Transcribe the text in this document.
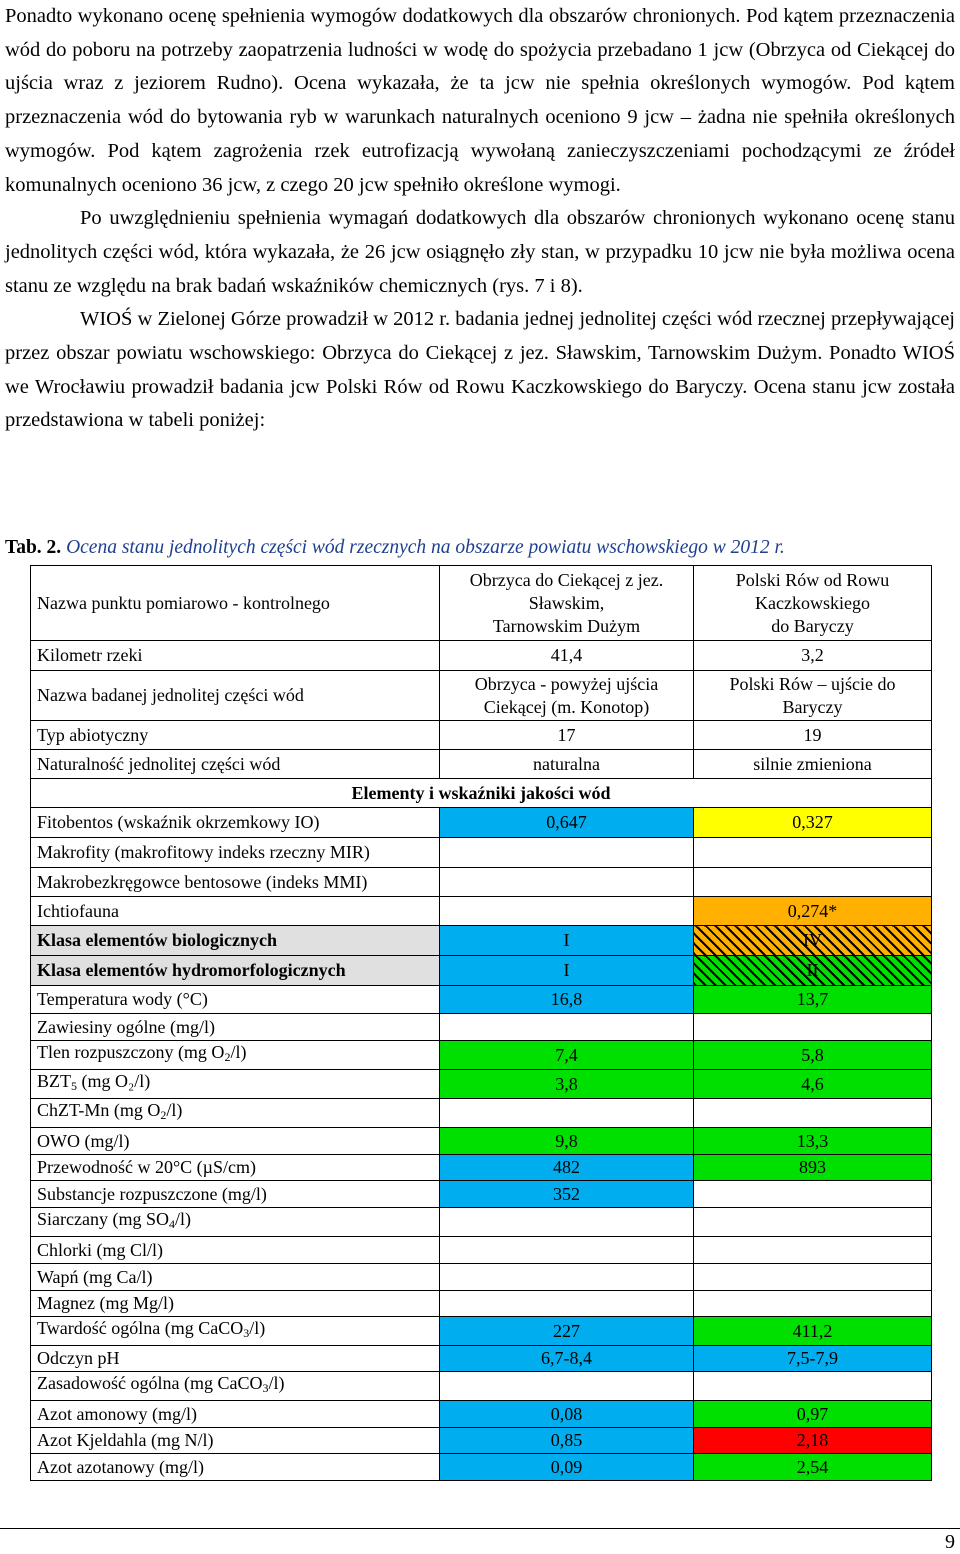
Ponadto wykonano ocenę spełnienia wymogów dodatkowych dla obszarów chronionych. Pod kątem przeznaczenia wód do poboru na potrzeby zaopatrzenia ludności w wodę do spożycia przebadano 1 jcw (Obrzyca od Ciekącej do ujścia wraz z jeziorem Rudno). Ocena wykazała, że ta jcw nie spełnia określonych wymogów. Pod kątem przeznaczenia wód do bytowania ryb w warunkach naturalnych oceniono 9 jcw – żadna nie spełniła określonych wymogów. Pod kątem zagrożenia rzek eutrofizacją wywołaną zanieczyszczeniami pochodzącymi ze źródeł komunalnych oceniono 36 jcw, z czego 20 jcw spełniło określone wymogi.

Po uwzględnieniu spełnienia wymagań dodatkowych dla obszarów chronionych wykonano ocenę stanu jednolitych części wód, która wykazała, że 26 jcw osiągnęło zły stan, w przypadku 10 jcw nie była możliwa ocena stanu ze względu na brak badań wskaźników chemicznych (rys. 7 i 8).

WIOŚ w Zielonej Górze prowadził w 2012 r. badania jednej jednolitej części wód rzecznej przepływającej przez obszar powiatu wschowskiego: Obrzyca do Ciekącej z jez. Sławskim, Tarnowskim Dużym. Ponadto WIOŚ we Wrocławiu prowadził badania jcw Polski Rów od Rowu Kaczkowskiego do Baryczy. Ocena stanu jcw została przedstawiona w tabeli poniżej:

Tab. 2. Ocena stanu jednolitych części wód rzecznych na obszarze powiatu wschowskiego w 2012 r.
Nazwa punktu pomiarowo - kontrolnego	Obrzyca do Ciekącej z jez.
Sławskim,
Tarnowskim Dużym	Polski Rów od Rowu
Kaczkowskiego
do Baryczy
Kilometr rzeki	41,4	3,2
Nazwa badanej jednolitej części wód	Obrzyca - powyżej ujścia
Ciekącej (m. Konotop)	Polski Rów – ujście do
Baryczy
Typ abiotyczny	17	19
Naturalność jednolitej części wód	naturalna	silnie zmieniona
Elementy i wskaźniki jakości wód		
Fitobentos (wskaźnik okrzemkowy IO)	0,647	0,327
Makrofity (makrofitowy indeks rzeczny MIR)		
Makrobezkręgowce bentosowe (indeks MMI)		
Ichtiofauna		0,274*
Klasa elementów biologicznych	I	IV
Klasa elementów hydromorfologicznych	I	II
Temperatura wody (°C)	16,8	13,7
Zawiesiny ogólne (mg/l)		
Tlen rozpuszczony (mg $O_2/l$)	7,4	5,8
$BZT_5$ (mg O₂/l)	3,8	4,6
ChZT-Mn (mg $O_2/l$)		
OWO (mg/l)	9,8	13,3
Przewodność w 20°C (µS/cm)	482	893
Substancje rozpuszczone (mg/l)	352	
Siarczany (mg $SO_4/l$)		
Chlorki (mg Cl/l)		
Wapń (mg Ca/l)		
Magnez (mg Mg/l)		
Twardość ogólna (mg CaCO$_3$/l)	227	411,2
Odczyn pH	6,7-8,4	7,5-7,9
Zasadowość ogólna (mg CaCO$_3$/l)		
Azot amonowy (mg/l)	0,08	0,97
Azot Kjeldahla (mg N/l)	0,85	2,18
Azot azotanowy (mg/l)	0,09	2,54
9
